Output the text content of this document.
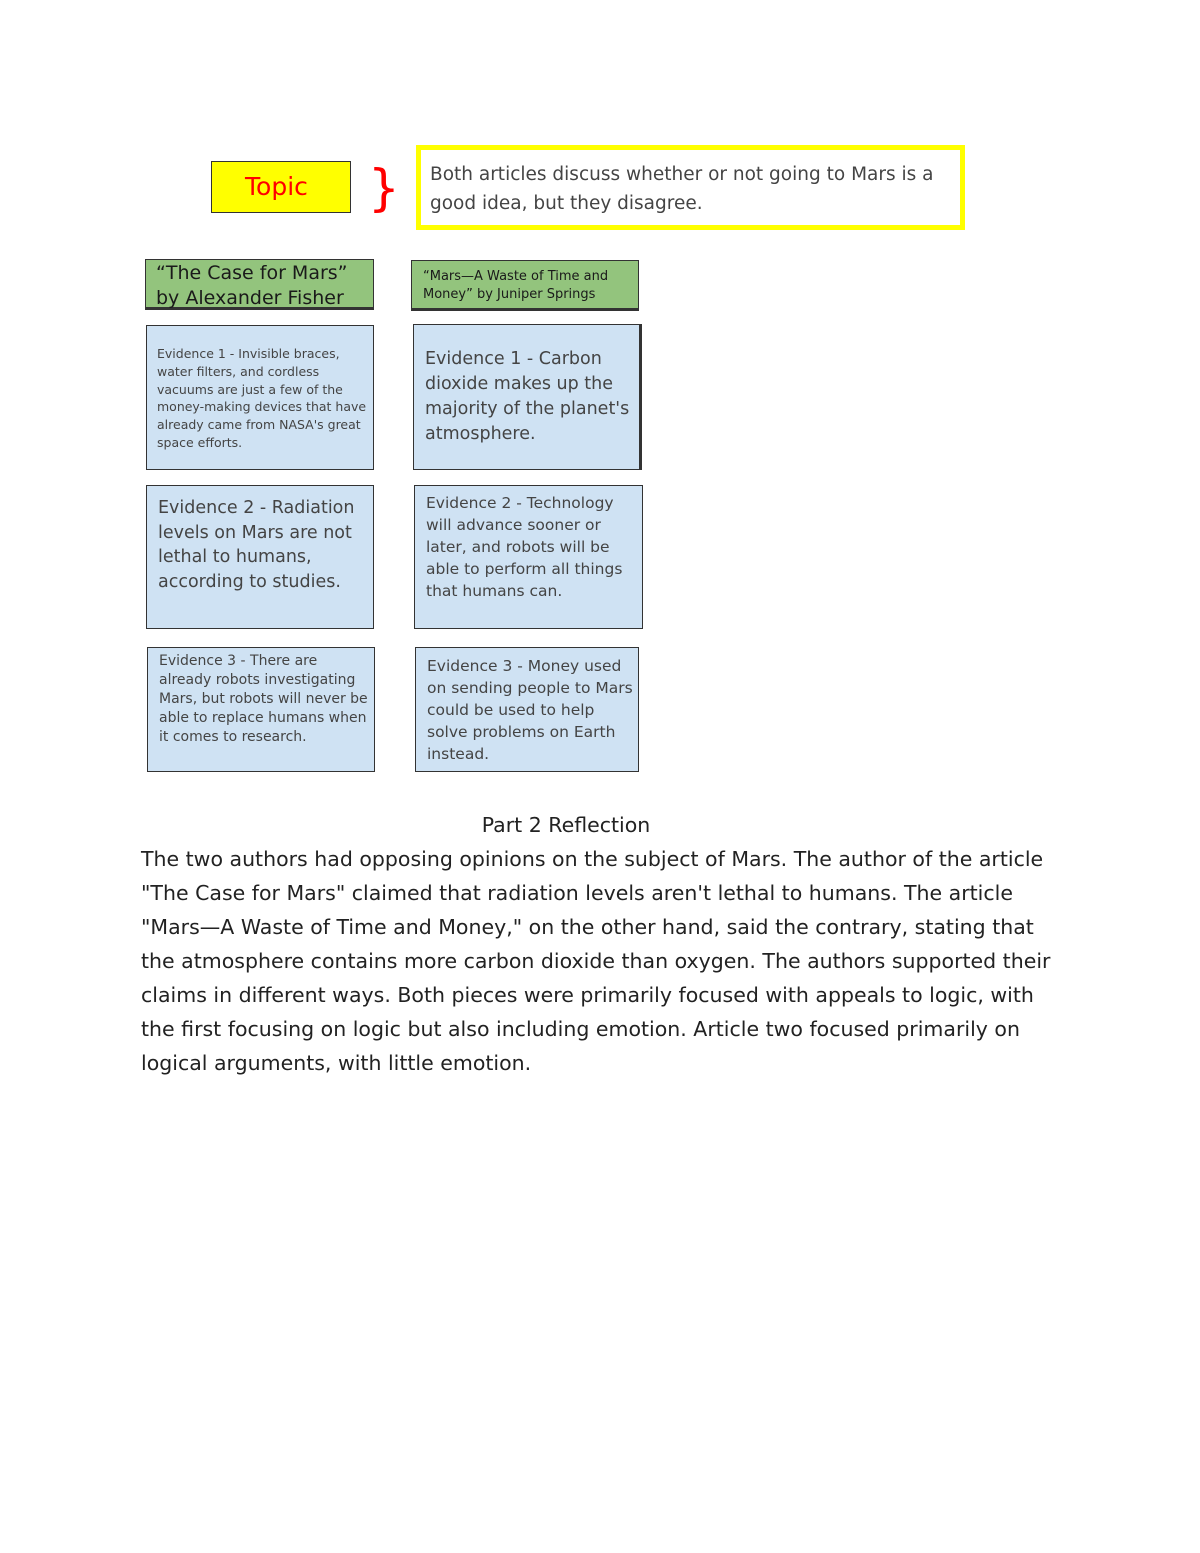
Topic	}	Both articles discuss whether or not going to Mars is a good idea, but they disagree.
“The Case for Mars” by Alexander Fisher
“Mars—A Waste of Time and Money” by Juniper Springs
Evidence 1 - Invisible braces, water filters, and cordless vacuums are just a few of the money-making devices that have already came from NASA's great space efforts.
Evidence 1 - Carbon dioxide makes up the majority of the planet's atmosphere.
Evidence 2 - Radiation levels on Mars are not lethal to humans, according to studies.
Evidence 2 - Technology will advance sooner or later, and robots will be able to perform all things that humans can.
Evidence 3 - There are already robots investigating Mars, but robots will never be able to replace humans when it comes to research.
Evidence 3 - Money used on sending people to Mars could be used to help solve problems on Earth instead.
Part 2 Reflection
The two authors had opposing opinions on the subject of Mars. The author of the article "The Case for Mars" claimed that radiation levels aren't lethal to humans. The article "Mars—A Waste of Time and Money," on the other hand, said the contrary, stating that the atmosphere contains more carbon dioxide than oxygen. The authors supported their claims in different ways. Both pieces were primarily focused with appeals to logic, with the first focusing on logic but also including emotion. Article two focused primarily on logical arguments, with little emotion.
